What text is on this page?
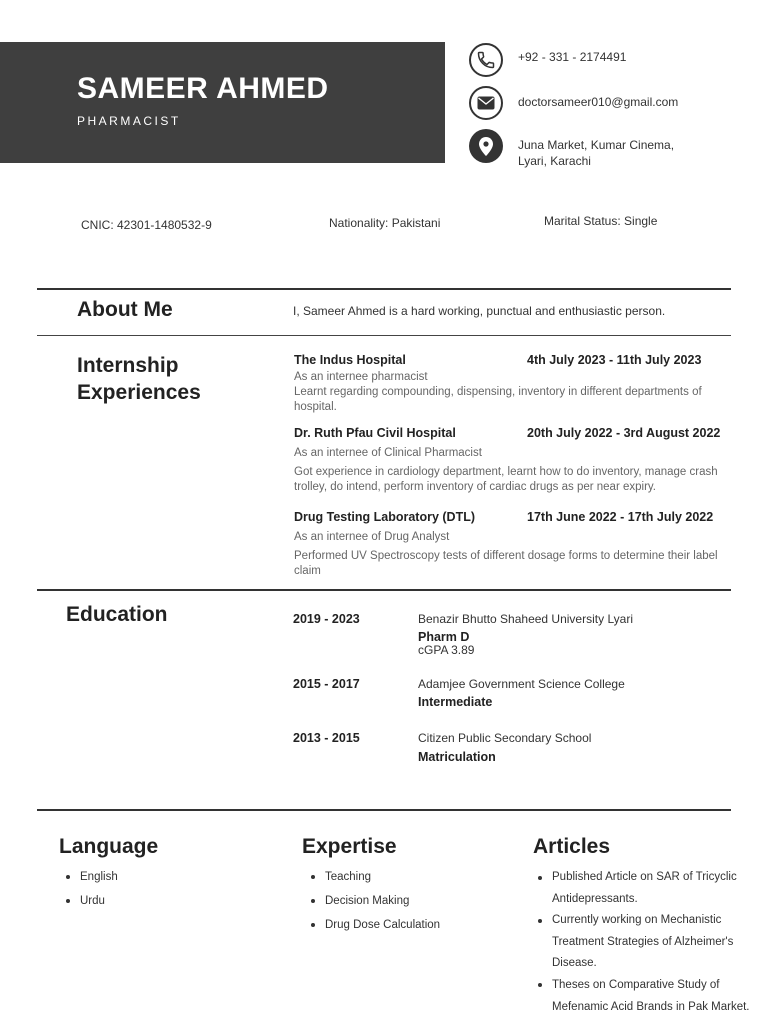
SAMEER AHMED
PHARMACIST
+92 - 331 - 2174491
doctorsameer010@gmail.com
Juna Market, Kumar Cinema,
Lyari, Karachi
CNIC: 42301-1480532-9	Nationality: Pakistani	Marital Status: Single
About Me	I, Sameer Ahmed is a hard working, punctual and enthusiastic person.
Internship
Experiences
The Indus Hospital	4th July 2023 - 11th July 2023
As an internee pharmacist
Learnt regarding compounding, dispensing, inventory in different departments of hospital.
Dr. Ruth Pfau Civil Hospital	20th July 2022 - 3rd August 2022
As an internee of Clinical Pharmacist
Got experience in cardiology department, learnt how to do inventory, manage crash trolley, do intend, perform inventory of cardiac drugs as per near expiry.
Drug Testing Laboratory (DTL)	17th June 2022 - 17th July 2022
As an internee of Drug Analyst
Performed UV Spectroscopy tests of different dosage forms to determine their label claim
Education	2019 - 2023	Benazir Bhutto Shaheed University Lyari
Pharm D
cGPA 3.89
2015 - 2017	Adamjee Government Science College
Intermediate
2013 - 2015	Citizen Public Secondary School
Matriculation
Language
English
Urdu
Expertise
Teaching
Decision Making
Drug Dose Calculation
Articles
Published Article on SAR of Tricyclic Antidepressants.
Currently working on Mechanistic Treatment Strategies of Alzheimer's Disease.
Theses on Comparative Study of Mefenamic Acid Brands in Pak Market.
